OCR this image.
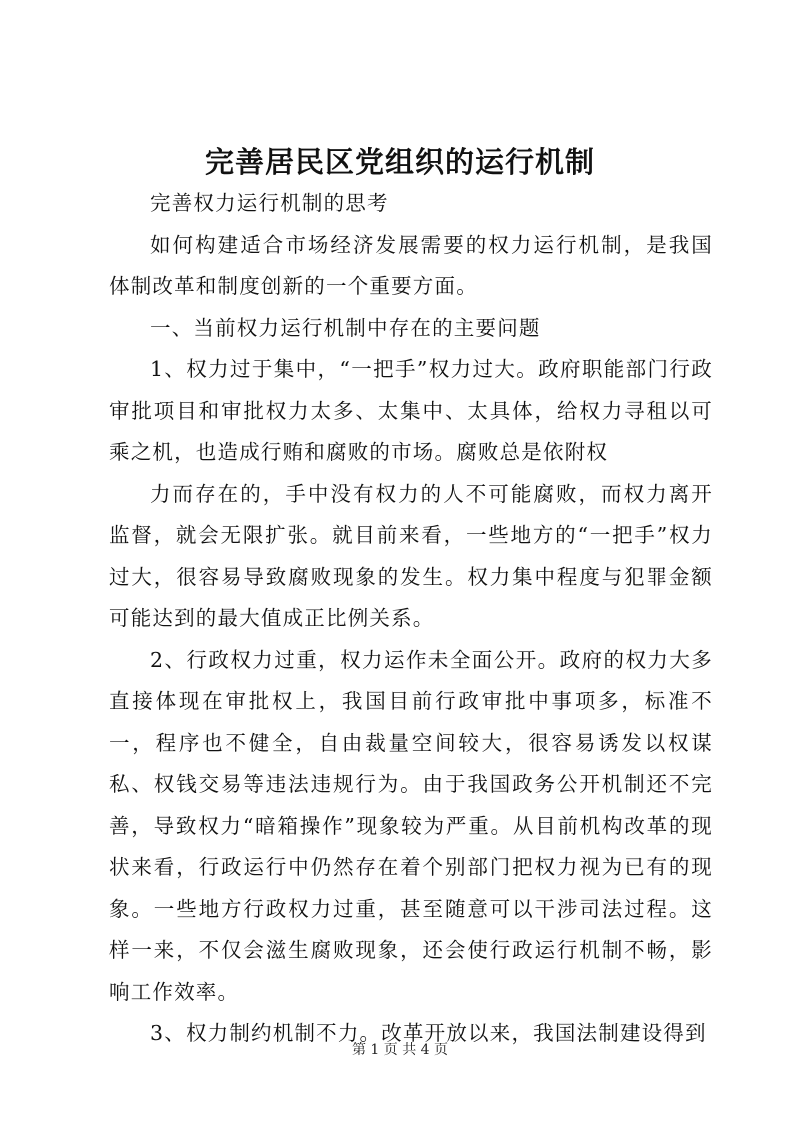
完善居民区党组织的运行机制

完善权力运行机制的思考

如何构建适合市场经济发展需要的权力运行机制，是我国体制改革和制度创新的一个重要方面。

一、当前权力运行机制中存在的主要问题

1、权力过于集中，“一把手”权力过大。政府职能部门行政审批项目和审批权力太多、太集中、太具体，给权力寻租以可乘之机，也造成行贿和腐败的市场。腐败总是依附权

力而存在的，手中没有权力的人不可能腐败，而权力离开监督，就会无限扩张。就目前来看，一些地方的“一把手”权力过大，很容易导致腐败现象的发生。权力集中程度与犯罪金额可能达到的最大值成正比例关系。

2、行政权力过重，权力运作未全面公开。政府的权力大多直接体现在审批权上，我国目前行政审批中事项多，标准不一，程序也不健全，自由裁量空间较大，很容易诱发以权谋私、权钱交易等违法违规行为。由于我国政务公开机制还不完善，导致权力“暗箱操作”现象较为严重。从目前机构改革的现状来看，行政运行中仍然存在着个别部门把权力视为已有的现象。一些地方行政权力过重，甚至随意可以干涉司法过程。这样一来，不仅会滋生腐败现象，还会使行政运行机制不畅，影响工作效率。

3、权力制约机制不力。改革开放以来，我国法制建设得到

第 1 页 共 4 页
